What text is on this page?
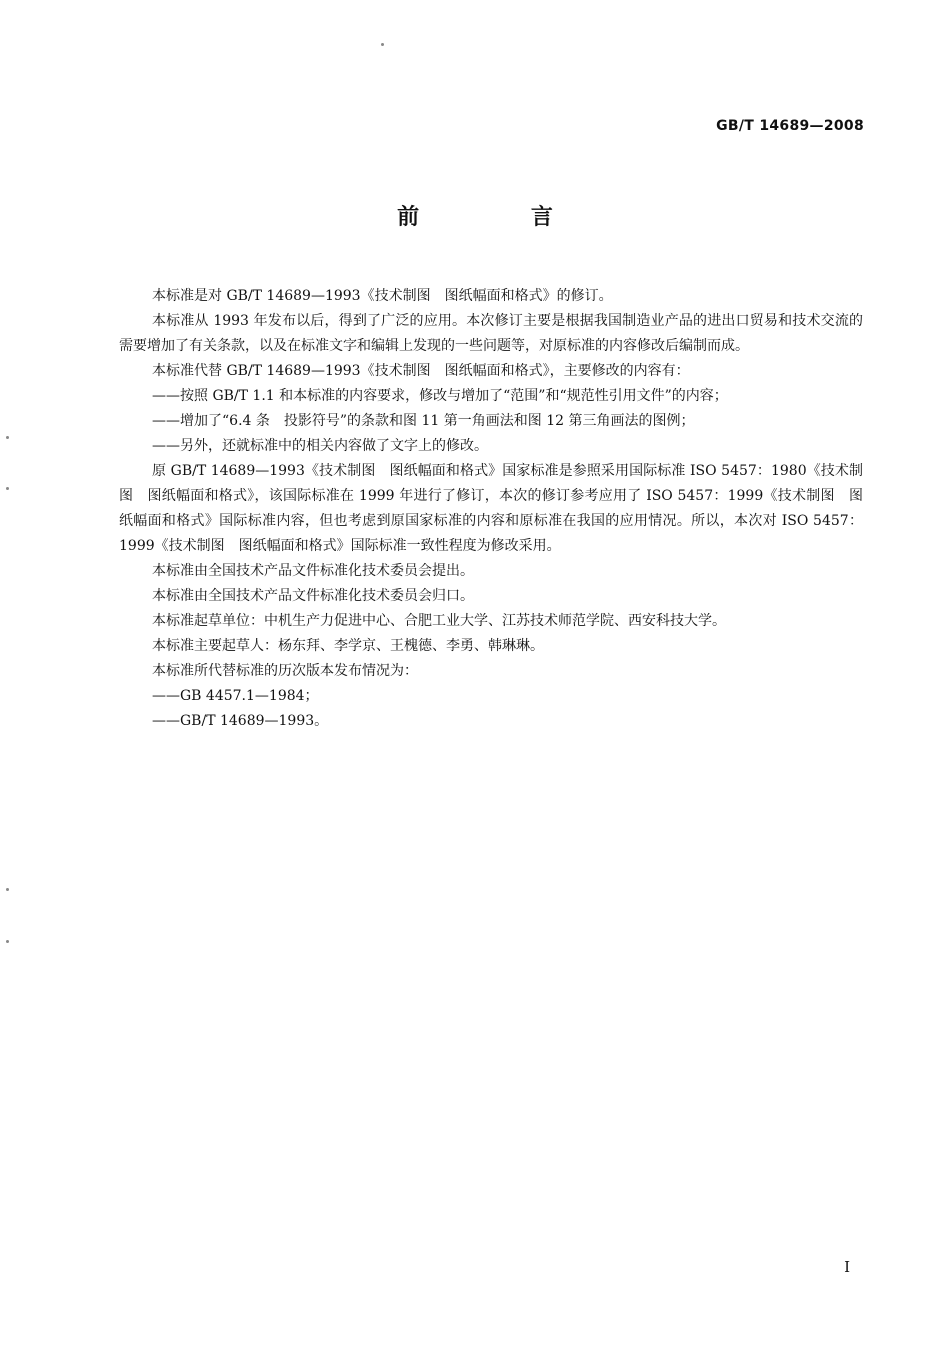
GB/T 14689—2008
前 言

本标准是对 GB/T 14689—1993《技术制图　图纸幅面和格式》的修订。

本标准从 1993 年发布以后，得到了广泛的应用。本次修订主要是根据我国制造业产品的进出口贸易和技术交流的需要增加了有关条款，以及在标准文字和编辑上发现的一些问题等，对原标准的内容修改后编制而成。

本标准代替 GB/T 14689—1993《技术制图　图纸幅面和格式》，主要修改的内容有：

——按照 GB/T 1.1 和本标准的内容要求，修改与增加了“范围”和“规范性引用文件”的内容；

——增加了“6.4 条　投影符号”的条款和图 11 第一角画法和图 12 第三角画法的图例；

——另外，还就标准中的相关内容做了文字上的修改。

原 GB/T 14689—1993《技术制图　图纸幅面和格式》国家标准是参照采用国际标准 ISO 5457：1980《技术制图　图纸幅面和格式》，该国际标准在 1999 年进行了修订，本次的修订参考应用了 ISO 5457：1999《技术制图　图纸幅面和格式》国际标准内容，但也考虑到原国家标准的内容和原标准在我国的应用情况。所以，本次对 ISO 5457：1999《技术制图　图纸幅面和格式》国际标准一致性程度为修改采用。

本标准由全国技术产品文件标准化技术委员会提出。

本标准由全国技术产品文件标准化技术委员会归口。

本标准起草单位：中机生产力促进中心、合肥工业大学、江苏技术师范学院、西安科技大学。

本标准主要起草人：杨东拜、李学京、王槐德、李勇、韩琳琳。

本标准所代替标准的历次版本发布情况为：

——GB 4457.1—1984；

——GB/T 14689—1993。

I
